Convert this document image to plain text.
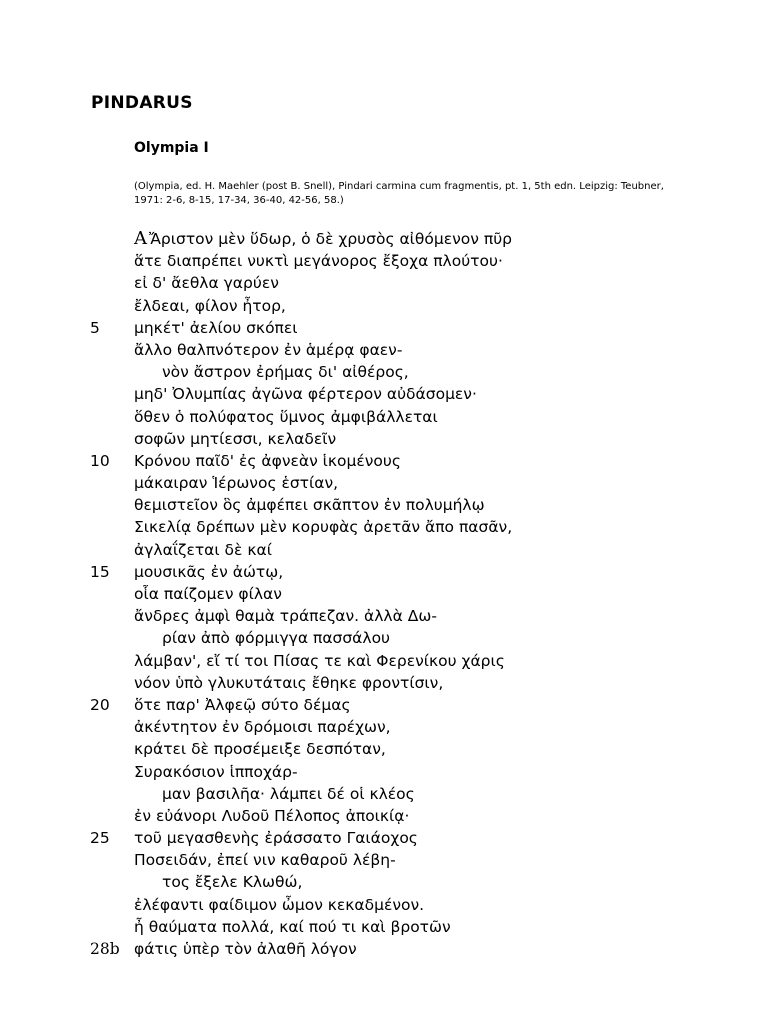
PINDARUS
Olympia I
(Olympia, ed. H. Maehler (post B. Snell), Pindari carmina cum fragmentis, pt. 1, 5th edn. Leipzig: Teubner, 1971: 2-6, 8-15, 17-34, 36-40, 42-56, 58.)
Α Ἄριστον μὲν ὕδωρ, ὁ δὲ χρυσὸς αἰθόμενον πῦρ
ἅτε διαπρέπει νυκτὶ μεγάνορος ἔξοχα πλούτου·
εἰ δ' ἄεθλα γαρύεν
ἔλδεαι, φίλον ἦτορ,
5 μηκέτ' ἀελίου σκόπει
ἄλλο θαλπνότερον ἐν ἁμέρᾳ φαεν-
νὸν ἄστρον ἐρήμας δι' αἰθέρος,
μηδ' Ὀλυμπίας ἀγῶνα φέρτερον αὐδάσομεν·
ὅθεν ὁ πολύφατος ὕμνος ἀμφιβάλλεται
σοφῶν μητίεσσι, κελαδεῖν
10 Κρόνου παῖδ' ἐς ἀφνεὰν ἱκομένους
μάκαιραν Ἱέρωνος ἑστίαν,
θεμιστεῖον ὃς ἀμφέπει σκᾶπτον ἐν πολυμήλῳ
Σικελίᾳ δρέπων μὲν κορυφὰς ἀρετᾶν ἄπο πασᾶν,
ἀγλαΐζεται δὲ καί
15 μουσικᾶς ἐν ἀώτῳ,
οἷα παίζομεν φίλαν
ἄνδρες ἀμφὶ θαμὰ τράπεζαν. ἀλλὰ Δω-
ρίαν ἀπὸ φόρμιγγα πασσάλου
λάμβαν', εἴ τί τοι Πίσας τε καὶ Φερενίκου χάρις
νόον ὑπὸ γλυκυτάταις ἔθηκε φροντίσιν,
20 ὅτε παρ' Ἀλφεῷ σύτο δέμας
ἀκέντητον ἐν δρόμοισι παρέχων,
κράτει δὲ προσέμειξε δεσπόταν,
Συρακόσιον ἱπποχάρ-
μαν βασιλῆα· λάμπει δέ οἱ κλέος
ἐν εὐάνορι Λυδοῦ Πέλοπος ἀποικίᾳ·
25 τοῦ μεγασθενὴς ἐράσσατο Γαιάοχος
Ποσειδάν, ἐπεί νιν καθαροῦ λέβη-
τος ἔξελε Κλωθώ,
ἐλέφαντι φαίδιμον ὦμον κεκαδμένον.
ἦ θαύματα πολλά, καί πού τι καὶ βροτῶν
28b φάτις ὑπὲρ τὸν ἀλαθῆ λόγον
